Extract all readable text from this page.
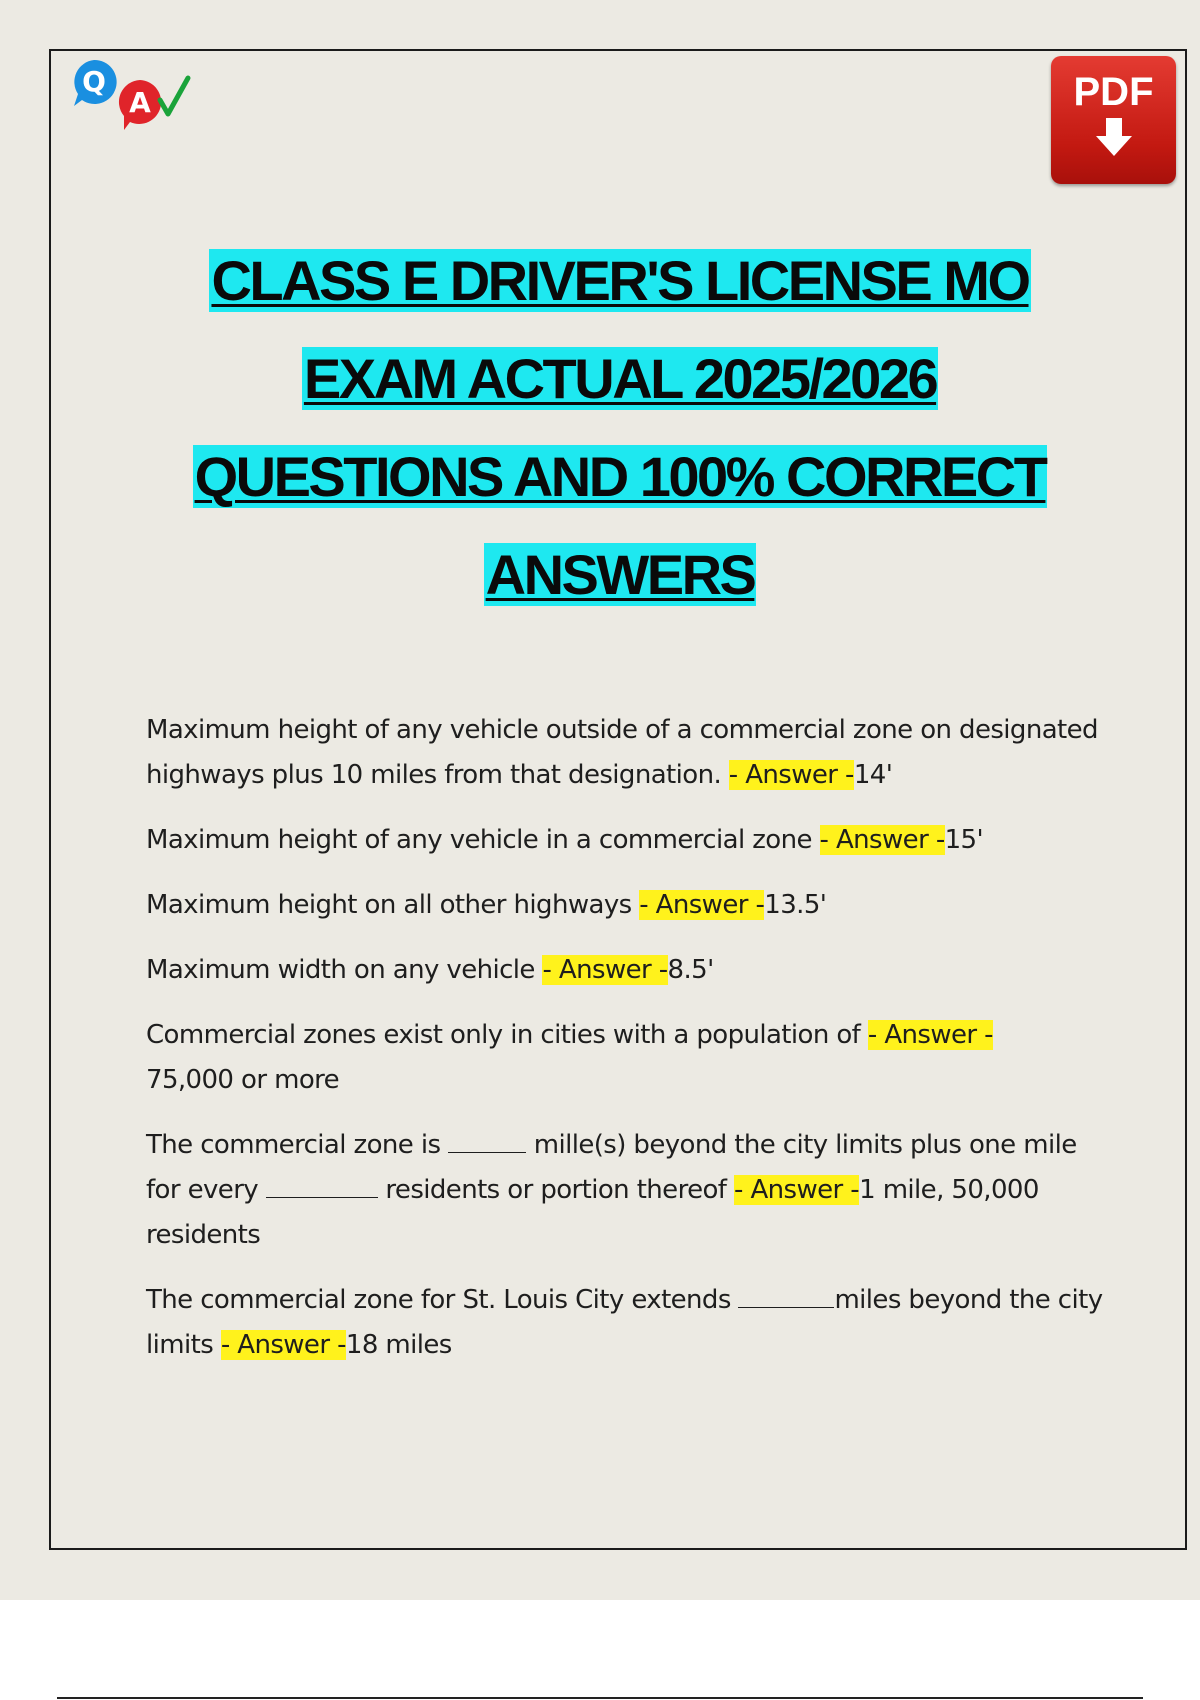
Q
A	PDF
CLASS E DRIVER'S LICENSE MO
EXAM ACTUAL 2025/2026
QUESTIONS AND 100% CORRECT
ANSWERS

Maximum height of any vehicle outside of a commercial zone on designated highways plus 10 miles from that designation. - Answer -14'

Maximum height of any vehicle in a commercial zone - Answer -15'

Maximum height on all other highways - Answer -13.5'

Maximum width on any vehicle - Answer -8.5'

Commercial zones exist only in cities with a population of - Answer -
75,000 or more

The commercial zone is	mille(s) beyond the city limits plus one mile for every	residents or portion thereof - Answer -1 mile, 50,000 residents

The commercial zone for St. Louis City extends	miles beyond the city limits - Answer -18 miles
